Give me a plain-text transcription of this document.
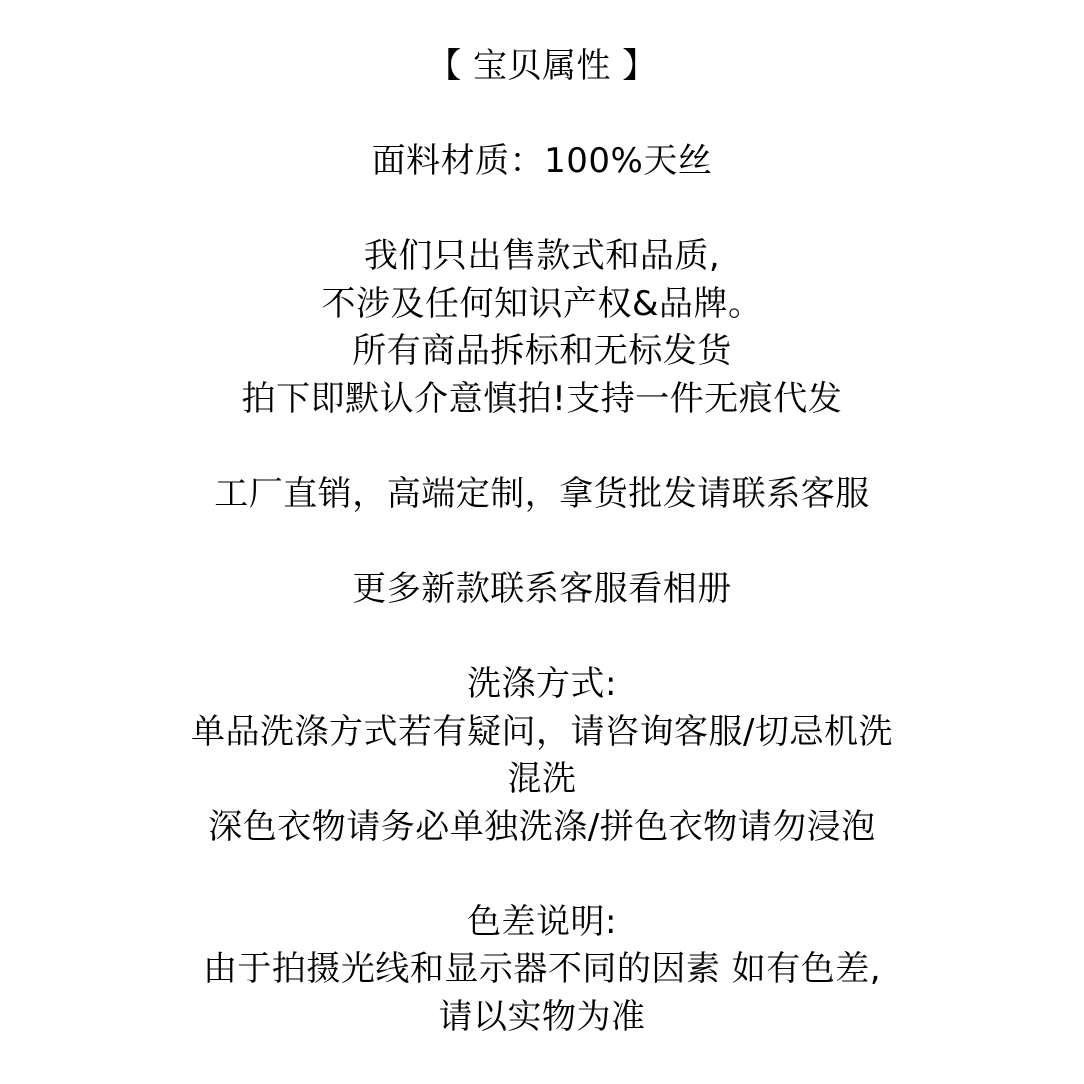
【 宝贝属性 】
面料材质：100%天丝
我们只出售款式和品质,
不涉及任何知识产权&品牌。
所有商品拆标和无标发货
拍下即默认介意慎拍!支持一件无痕代发
工厂直销，高端定制，拿货批发请联系客服
更多新款联系客服看相册
洗涤方式:
单品洗涤方式若有疑问，请咨询客服/切忌机洗
混洗
深色衣物请务必单独洗涤/拼色衣物请勿浸泡
色差说明:
由于拍摄光线和显示器不同的因素 如有色差,
请以实物为准
